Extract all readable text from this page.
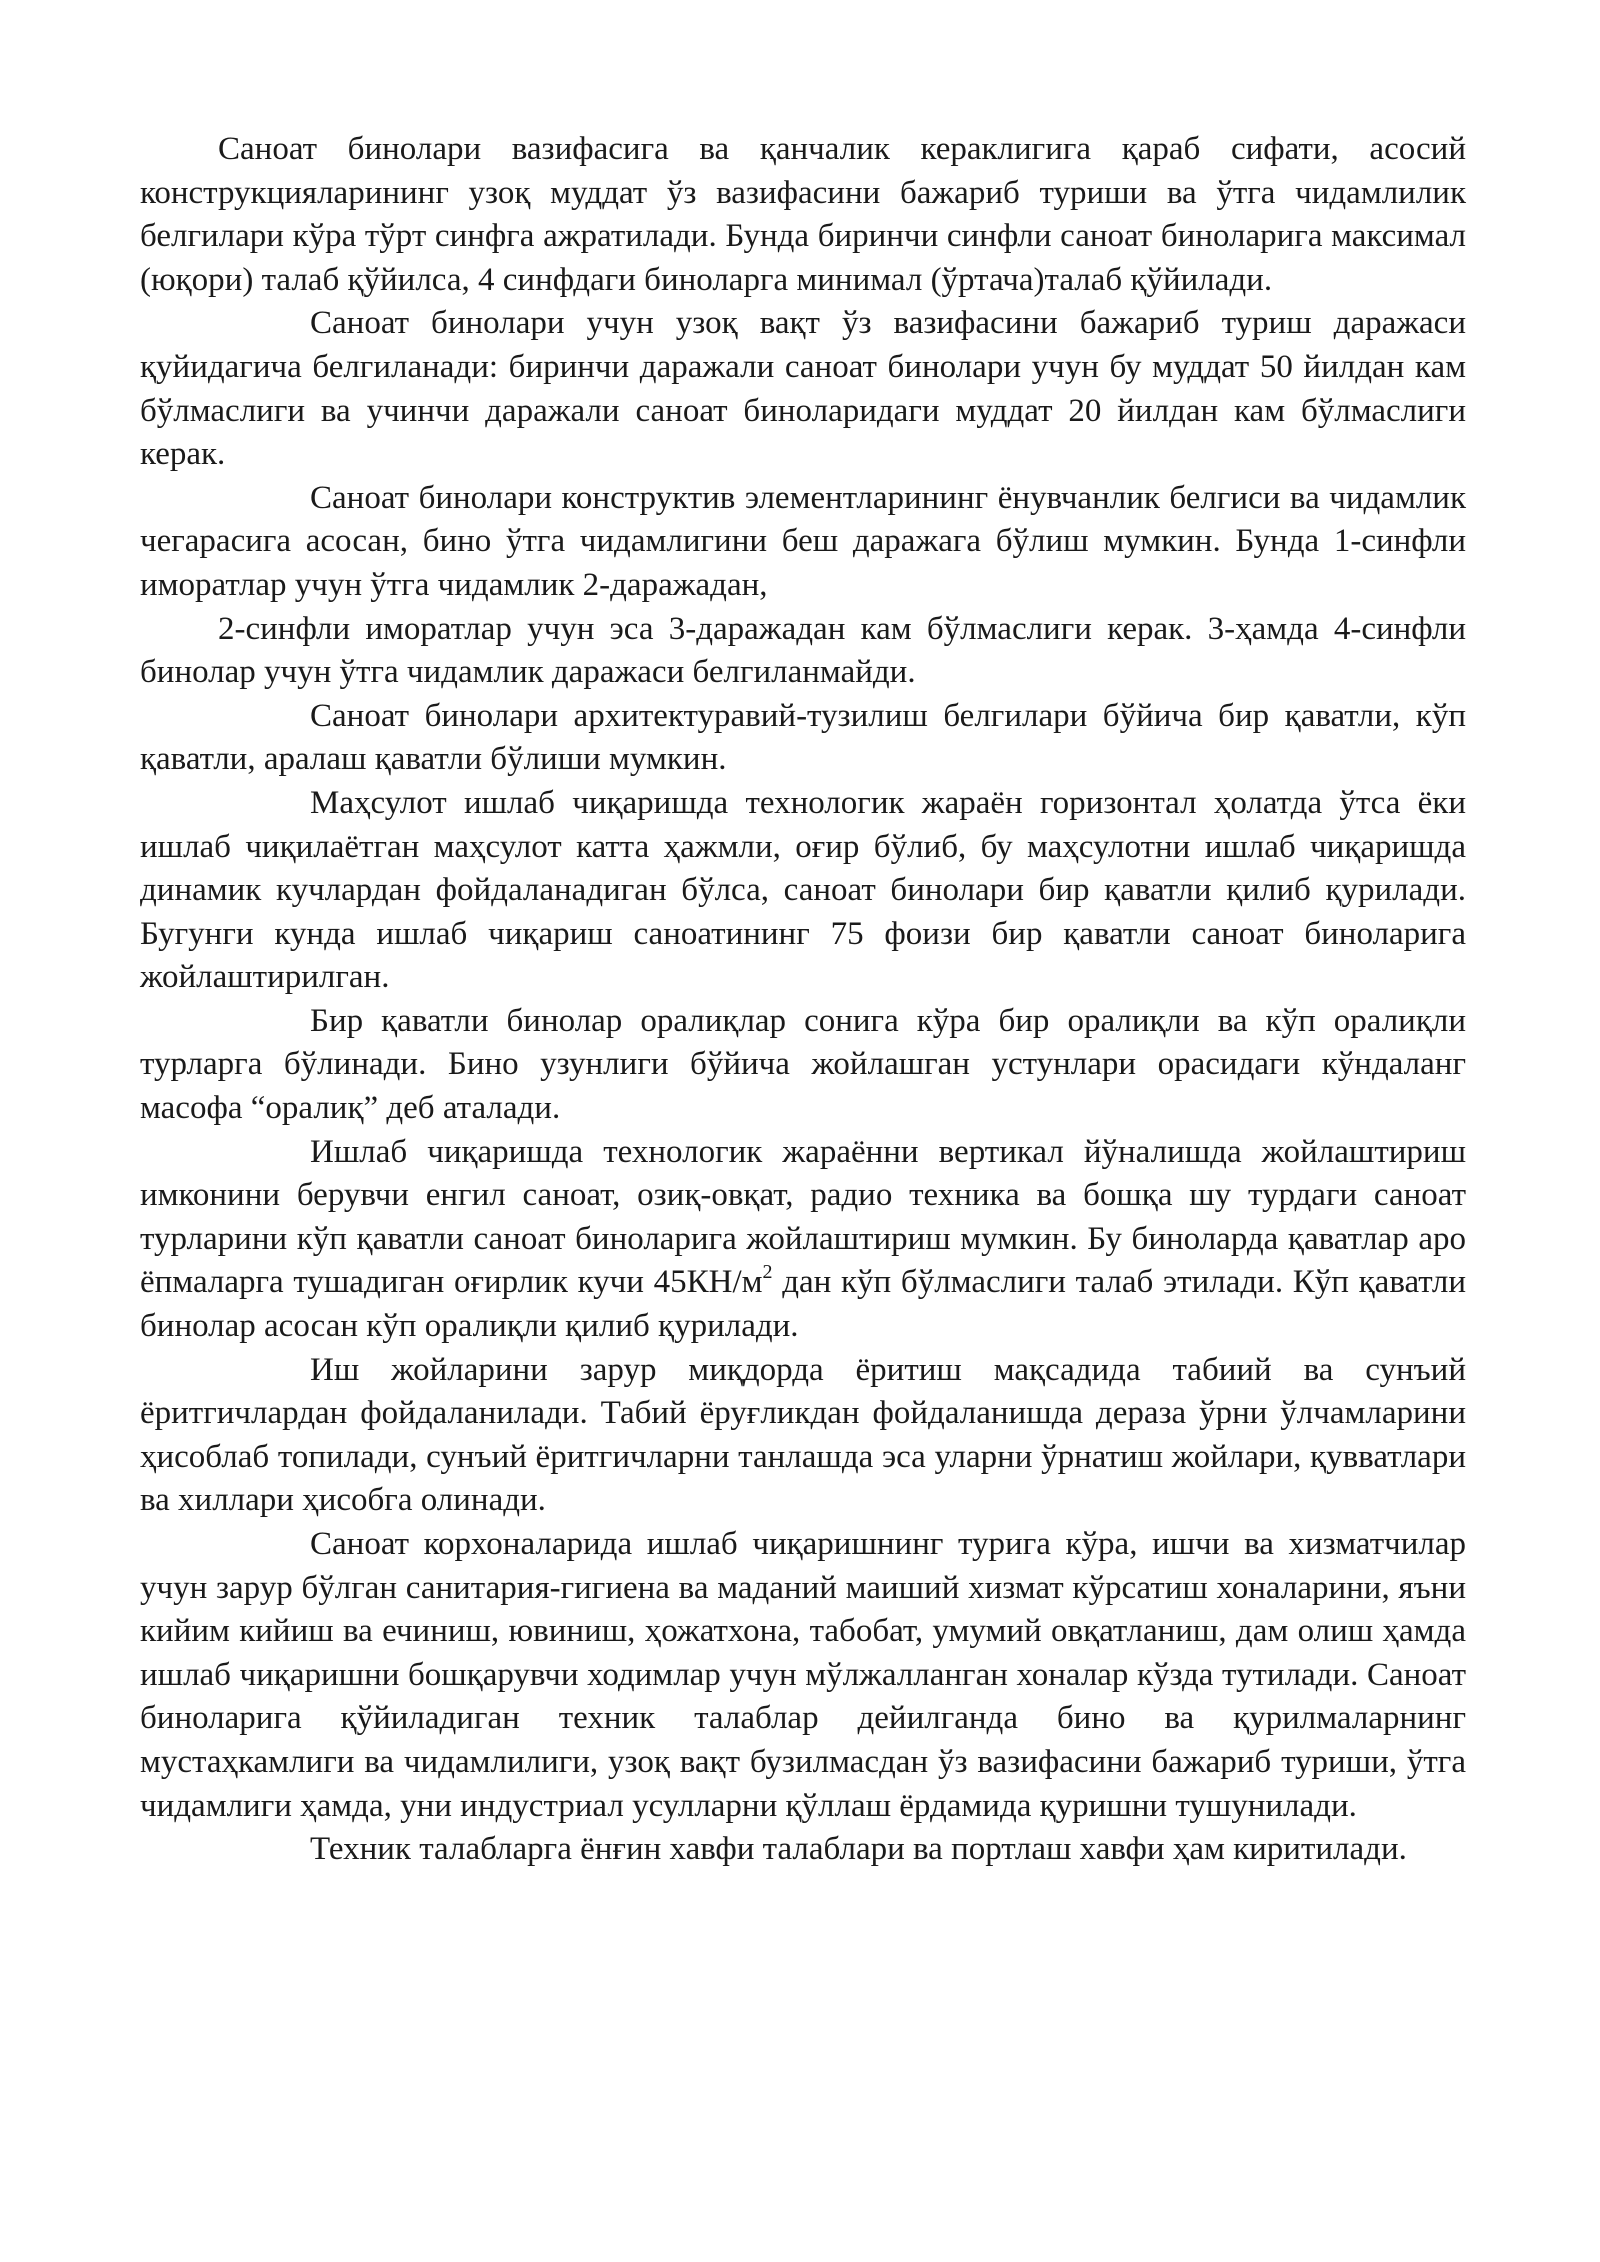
Саноат бинолари вазифасига ва қанчалик кераклигига қараб сифати, асосий конструкцияларининг узоқ муддат ўз вазифасини бажариб туриши ва ўтга чидамлилик белгилари кўра тўрт синфга ажратилади. Бунда биринчи синфли саноат биноларига максимал (юқори) талаб қўйилса, 4 синфдаги биноларга минимал (ўртача)талаб қўйилади.

Саноат бинолари учун узоқ вақт ўз вазифасини бажариб туриш даражаси қуйидагича белгиланади: биринчи даражали саноат бинолари учун бу муддат 50 йилдан кам бўлмаслиги ва учинчи даражали саноат биноларидаги муддат 20 йилдан кам бўлмаслиги керак.

Саноат бинолари конструктив элементларининг ёнувчанлик белгиси ва чидамлик чегарасига асосан, бино ўтга чидамлигини беш даражага бўлиш мумкин. Бунда 1-синфли иморатлар учун ўтга чидамлик 2-даражадан,

2-синфли иморатлар учун эса 3-даражадан кам бўлмаслиги керак. 3-ҳамда 4-синфли бинолар учун ўтга чидамлик даражаси белгиланмайди.

Саноат бинолари архитектуравий-тузилиш белгилари бўйича бир қаватли, кўп қаватли, аралаш қаватли бўлиши мумкин.

Маҳсулот ишлаб чиқаришда технологик жараён горизонтал ҳолатда ўтса ёки ишлаб чиқилаётган маҳсулот катта ҳажмли, оғир бўлиб, бу маҳсулотни ишлаб чиқаришда динамик кучлардан фойдаланадиган бўлса, саноат бинолари бир қаватли қилиб қурилади. Бугунги кунда ишлаб чиқариш саноатининг 75 фоизи бир қаватли саноат биноларига жойлаштирилган.

Бир қаватли бинолар оралиқлар сонига кўра бир оралиқли ва кўп оралиқли турларга бўлинади. Бино узунлиги бўйича жойлашган устунлари орасидаги кўндаланг масофа “оралиқ” деб аталади.

Ишлаб чиқаришда технологик жараённи вертикал йўналишда жойлаштириш имконини берувчи енгил саноат, озиқ-овқат, радио техника ва бошқа шу турдаги саноат турларини кўп қаватли саноат биноларига жойлаштириш мумкин. Бу биноларда қаватлар аро ёпмаларга тушадиган оғирлик кучи $45КН/м^2$ дан кўп бўлмаслиги талаб этилади. Кўп қаватли бинолар асосан кўп оралиқли қилиб қурилади.

Иш жойларини зарур миқдорда ёритиш мақсадида табиий ва сунъий ёритгичлардан фойдаланилади. Табий ёруғликдан фойдаланишда дераза ўрни ўлчамларини ҳисоблаб топилади, сунъий ёритгичларни танлашда эса уларни ўрнатиш жойлари, қувватлари ва хиллари ҳисобга олинади.

Саноат корхоналарида ишлаб чиқаришнинг турига кўра, ишчи ва хизматчилар учун зарур бўлган санитария-гигиена ва маданий маиший хизмат кўрсатиш хоналарини, яъни кийим кийиш ва ечиниш, ювиниш, ҳожатхона, табобат, умумий овқатланиш, дам олиш ҳамда ишлаб чиқаришни бошқарувчи ходимлар учун мўлжалланган хоналар кўзда тутилади. Саноат биноларига қўйиладиган техник талаблар дейилганда бино ва қурилмаларнинг мустаҳкамлиги ва чидамлилиги, узоқ вақт бузилмасдан ўз вазифасини бажариб туриши, ўтга чидамлиги ҳамда, уни индустриал усулларни қўллаш ёрдамида қуришни тушунилади.

Техник талабларга ёнғин хавфи талаблари ва портлаш хавфи ҳам киритилади.
